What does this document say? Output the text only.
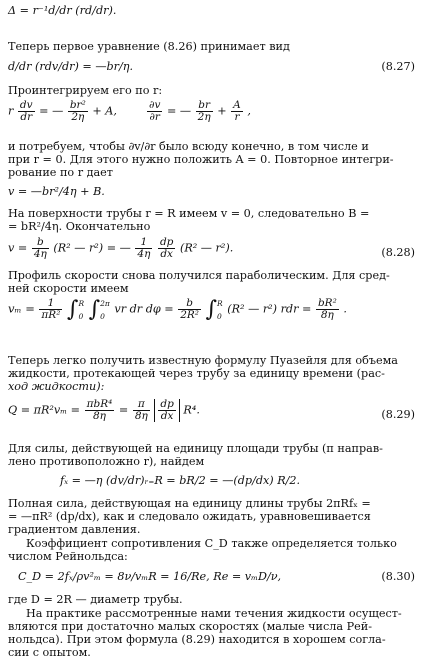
Δ = r⁻¹d/dr (rd/dr).
Теперь первое уравнение (8.26) принимает вид
d/dr (rdv/dr) = —br/η.	(8.27)
Проинтегрируем его по r:
r $\frac{dv}{dr}$ = — $\frac{\text{br²}}{2\eta} + A$,	$\frac{\partial v}{\partial r}$ = — $\frac{br}{2\eta} + \frac{A}{r}$ ,
и потребуем, чтобы ∂v/∂r было всюду конечно, в том числе и
при r = 0. Для этого нужно положить A = 0. Повторное интегри-
рование по r дает
v = —br²/4η + B.
На поверхности трубы r = R имеем v = 0, следовательно B =
= bR²/4η. Окончательно
$v = \frac{b}{4\eta} (R^2$ — r²) = — $\frac{1}{4\eta}$
$\frac{dp}{dx} (R^2$ — r²).	(8.28)
Профиль скорости снова получился параболическим. Для сред-
ней скорости имеем
$v_m = \frac{1}{\text{πR²}}$ ∫ R
0 ∫ 2π
0
vr dr $d\varphi = \frac{b}{\text{2R²}}$ ∫ R
0
(R² — r²) rdr = $\frac{\text{bR²}}{8\eta}$ .
Теперь легко получить известную формулу Пуазейля для объема
жидкости, протекающей через трубу за единицу времени (рас-
ход жидкости):
$Q = \pi R^2v_m = \frac{\text{πbR⁴}}{8\eta} = \frac{\pi}{8\eta}$
$\frac{dp}{dx} R^4$.	(8.29)
Для силы, действующей на единицу площади трубы (п направ-
лено противоположно r), найдем
fₓ = —η (dv/dr)ᵣ₌R = bR/2 = —(dp/dx) R/2.
Полная сила, действующая на единицу длины трубы 2πRfₓ =
= —πR² (dp/dx), как и следовало ожидать, уравновешивается
градиентом давления.
Коэффициент сопротивления C_D также определяется только
числом Рейнольдса:
C_D = 2fₓ/ρv²ₘ = 8ν/vₘR = 16/Re, Re = vₘD/ν,	(8.30)
где D = 2R — диаметр трубы.
На практике рассмотренные нами течения жидкости осущест-
вляются при достаточно малых скоростях (малые числа Рей-
нольдса). При этом формула (8.29) находится в хорошем согла-
сии с опытом.
